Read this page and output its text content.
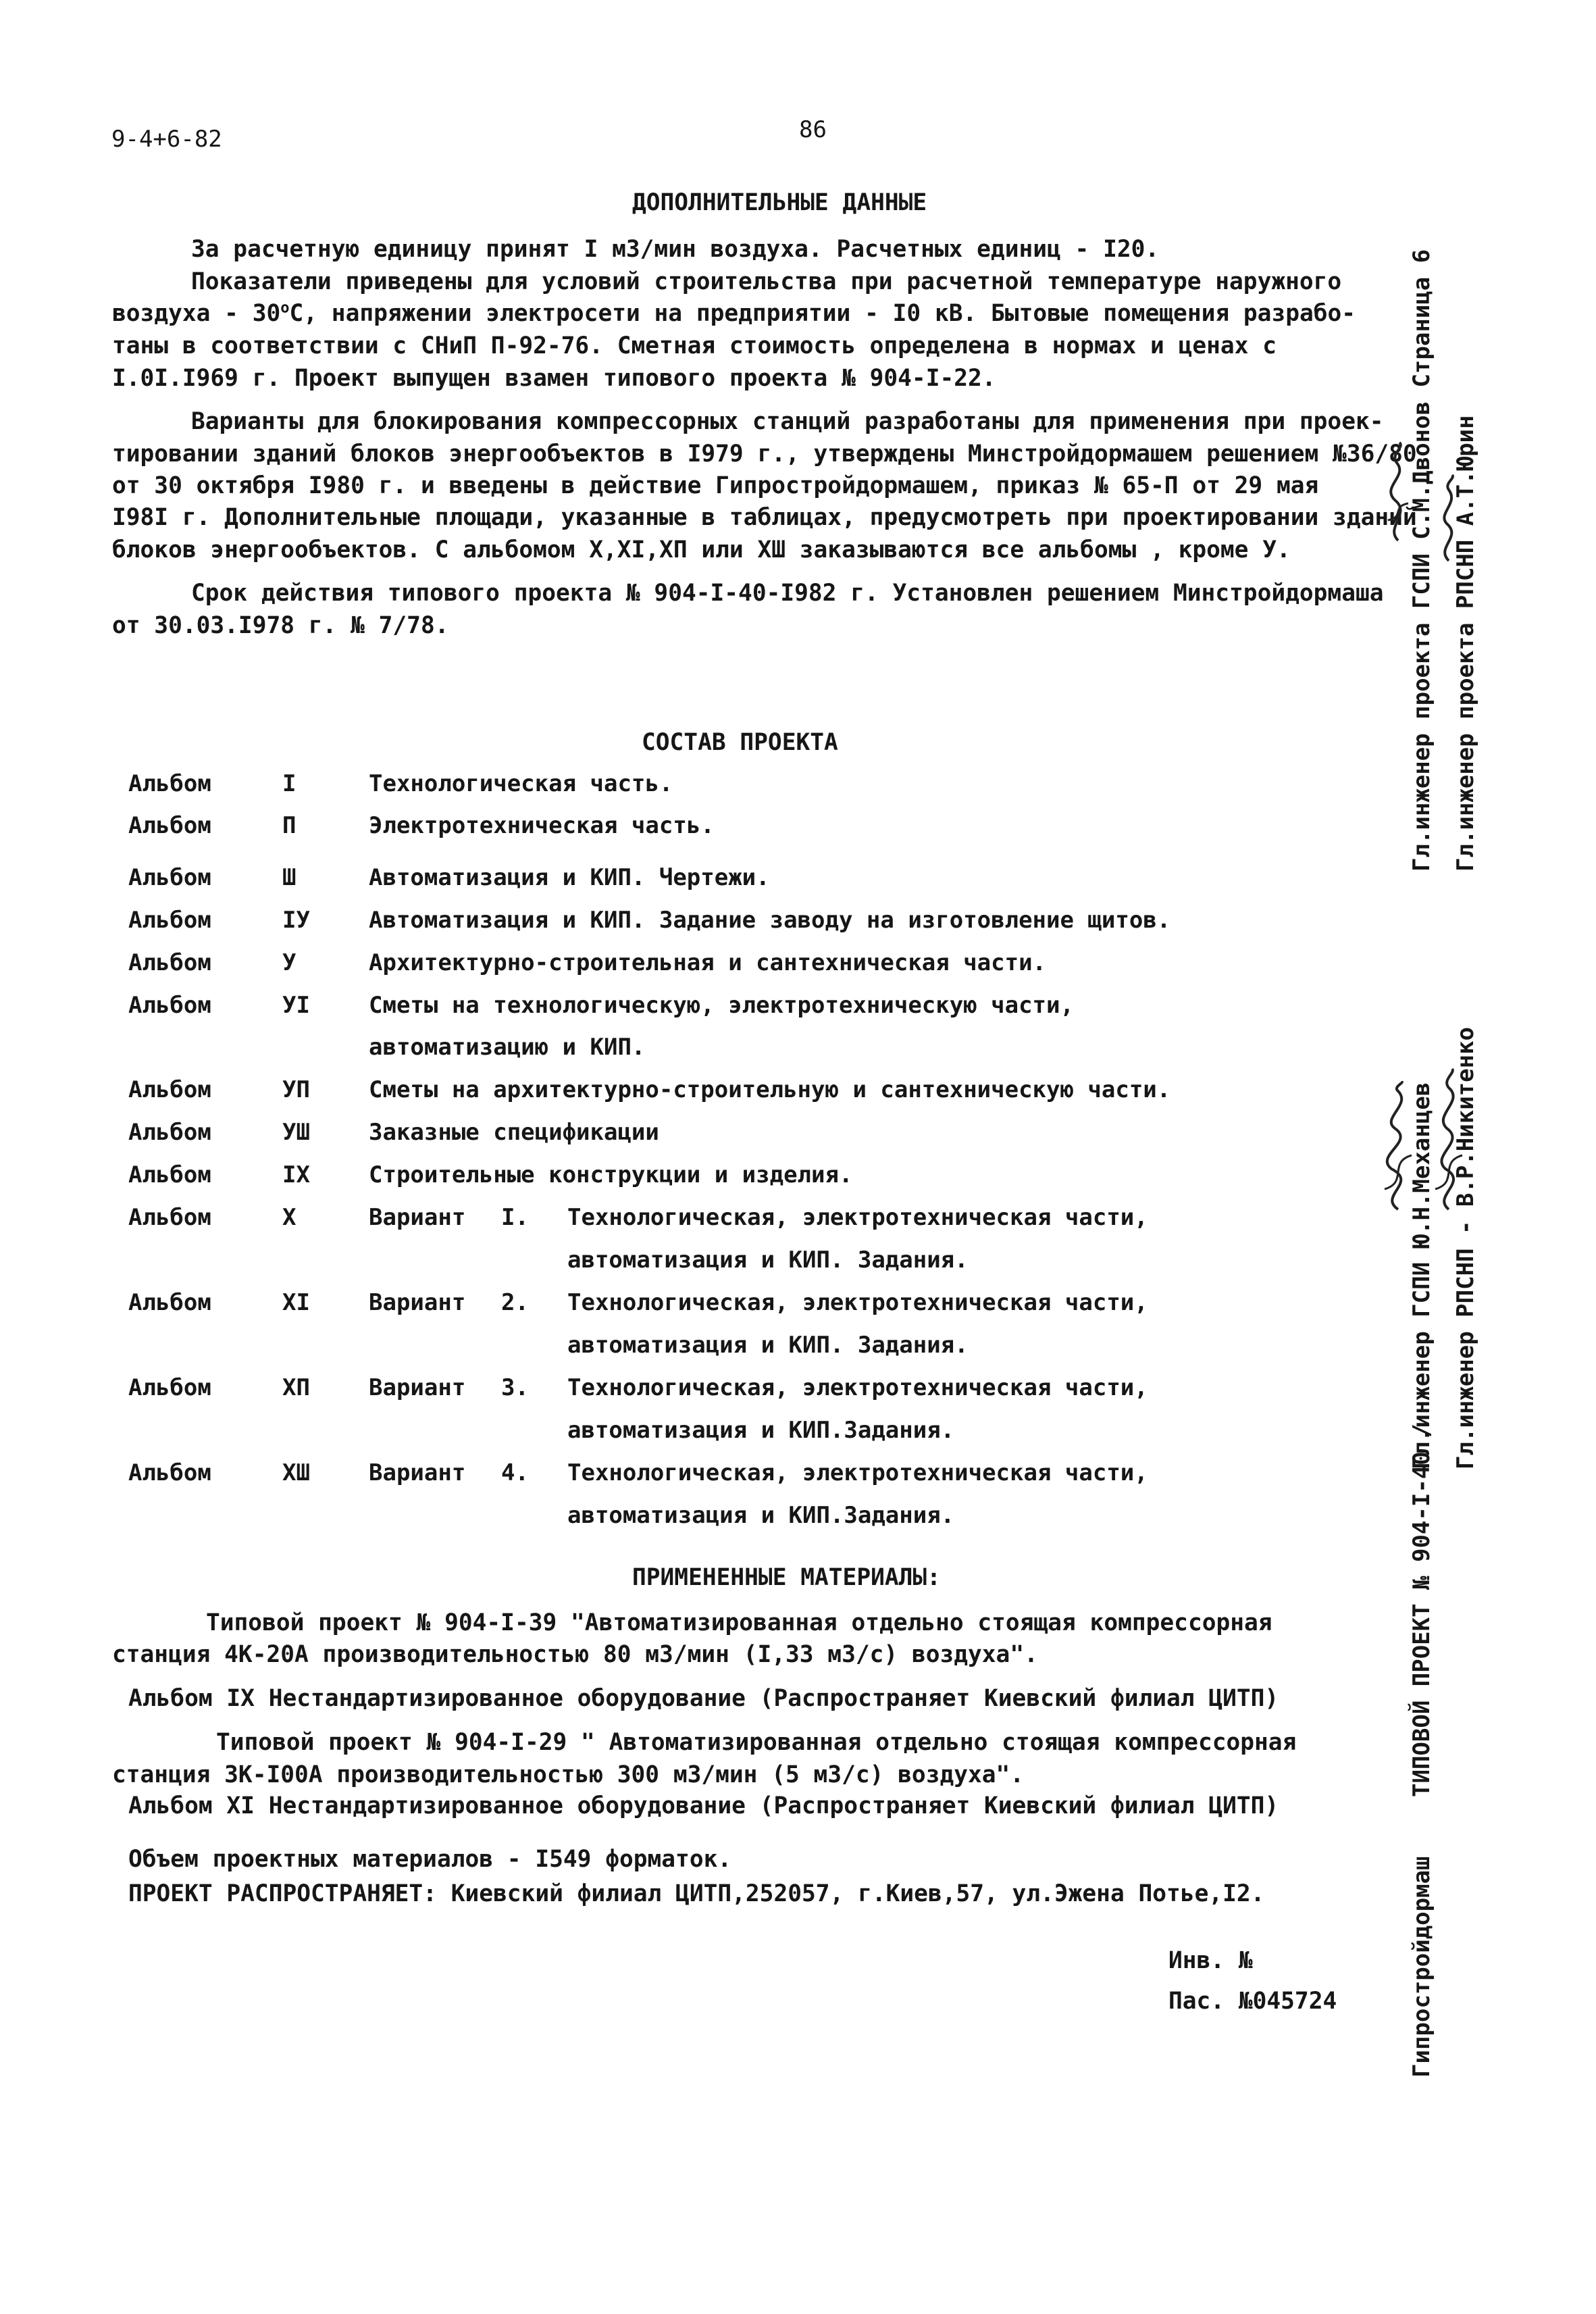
9-4+6-82	86
ДОПОЛНИТЕЛЬНЫЕ ДАННЫЕ
За расчетную единицу принят I м3/мин воздуха. Расчетных единиц - I20.
Показатели приведены для условий строительства при расчетной температуре наружного
воздуха - $30^оС$, напряжении электросети на предприятии - I0 кВ. Бытовые помещения разрабо-
таны в соответствии с СНиП П-92-76. Сметная стоимость определена в нормах и ценах с
I.0I.I969 г. Проект выпущен взамен типового проекта № 904-I-22.
Варианты для блокирования компрессорных станций разработаны для применения при проек-
тировании зданий блоков энергообъектов в I979 г., утверждены Минстройдормашем решением №36/80
от 30 октября I980 г. и введены в действие Гипростройдормашем, приказ № 65-П от 29 мая
I98I г. Дополнительные площади, указанные в таблицах, предусмотреть при проектировании зданий
блоков энергообъектов. С альбомом Х,ХI,ХП или ХШ заказываются все альбомы , кроме У.
Срок действия типового проекта № 904-I-40-I982 г. Установлен решением Минстройдормаша
от 30.03.I978 г. № 7/78.
СОСТАВ ПРОЕКТА
Альбом	I	Технологическая часть.
Альбом	П	Электротехническая часть.
Альбом	Ш	Автоматизация и КИП. Чертежи.
Альбом	IУ	Автоматизация и КИП. Задание заводу на изготовление щитов.
Альбом	У	Архитектурно-строительная и сантехническая части.
Альбом	УI	Сметы на технологическую, электротехническую части,
автоматизацию и КИП.
Альбом	УП	Сметы на архитектурно-строительную и сантехническую части.
Альбом	УШ	Заказные спецификации
Альбом	IХ	Строительные конструкции и изделия.
Альбом	Х	Вариант I. Технологическая, электротехническая части,
автоматизация и КИП. Задания.
Альбом	ХI	Вариант 2. Технологическая, электротехническая части,
автоматизация и КИП. Задания.
Альбом	ХП	Вариант 3. Технологическая, электротехническая части,
автоматизация и КИП.Задания.
Альбом	ХШ	Вариант 4. Технологическая, электротехническая части,
автоматизация и КИП.Задания.
ПРИМЕНЕННЫЕ МАТЕРИАЛЫ:
Типовой проект № 904-I-39 "Автоматизированная отдельно стоящая компрессорная
станция 4К-20А производительностью 80 м3/мин (I,33 м3/с) воздуха".
Альбом IХ Нестандартизированное оборудование (Распространяет Киевский филиал ЦИТП)
Типовой проект № 904-I-29 " Автоматизированная отдельно стоящая компрессорная
станция 3К-I00А производительностью 300 м3/мин (5 м3/с) воздуха".
Альбом ХI Нестандартизированное оборудование (Распространяет Киевский филиал ЦИТП)
Объем проектных материалов - I549 форматок.
ПРОЕКТ РАСПРОСТРАНЯЕТ: Киевский филиал ЦИТП,252057, г.Киев,57, ул.Эжена Потье,I2.
Инв. №
Пас. №045724
Гл.инженер проекта ГСПИ С.М.Двонов Страница 6 Гл.инженер проекта РПСНП А.Т.Юрин
Гл.инженер ГСПИ Ю.Н.Механцев Гл.инженер РПСНП - В.Р.Никитенко
ТИПОВОЙ ПРОЕКТ № 904-I-40 /
Гипростройдормаш
